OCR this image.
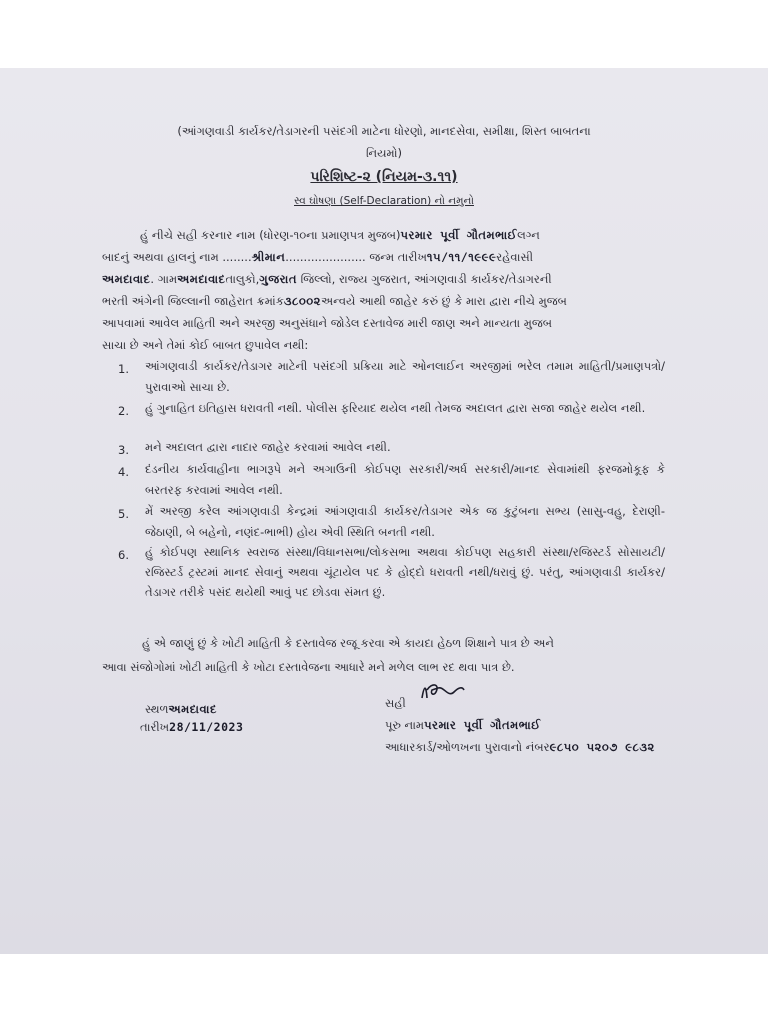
(આંગણવાડી કાર્યકર/તેડાગરની પસંદગી માટેના ધોરણો, માનદસેવા, સમીક્ષા, શિસ્ત બાબતના
નિયમો)
પરિશિષ્ટ-૨ (નિયમ-૩.૧૧)
સ્વ ઘોષણા (Self-Declaration) નો નમુનો
હું નીચે સહી કરનાર નામ (ધોરણ-૧૦ના પ્રમાણપત્ર મુજબ)પરમાર પૂર્વી ગૌતમભાઈલગ્ન
બાદનું અથવા હાલનું નામ ........શ્રીમાન...................... જન્મ તારીખ૧૫/૧૧/૧૯૯૯રહેવાસી
અમદાવાદ. ગામઅમદાવાદતાલુકો,ગુજરાત જિલ્લો, રાજ્ય ગુજરાત, આંગણવાડી કાર્યકર/તેડાગરની
ભરતી અંગેની જિલ્લાની જાહેરાત ક્રમાંક૩૮૦૦૨અન્વયે આથી જાહેર કરું છું કે મારા દ્વારા નીચે મુજબ
આપવામાં આવેલ માહિતી અને અરજી અનુસંધાને જોડેલ દસ્તાવેજ મારી જાણ અને માન્યતા મુજબ
સાચા છે અને તેમાં કોઈ બાબત છુપાવેલ નથી:
1. આંગણવાડી કાર્યકર/તેડાગર માટેની પસંદગી પ્રક્રિયા માટે ઓનલાઈન અરજીમાં ભરેલ તમામ માહિતી/પ્રમાણપત્રો/પુરાવાઓ સાચા છે.
2. હું ગુનાહિત ઇતિહાસ ધરાવતી નથી. પોલીસ ફરિયાદ થયેલ નથી તેમજ અદાલત દ્વારા સજા જાહેર થયેલ નથી.
3. મને અદાલત દ્વારા નાદાર જાહેર કરવામાં આવેલ નથી.
4. દંડનીય કાર્યવાહીના ભાગરૂપે મને અગાઉની કોઈપણ સરકારી/અર્ધ સરકારી/માનદ સેવામાંથી ફરજમોકૂફ કે બરતરફ કરવામાં આવેલ નથી.
5. મેં અરજી કરેલ આંગણવાડી કેન્દ્રમાં આંગણવાડી કાર્યકર/તેડાગર એક જ કુટુંબના સભ્ય (સાસુ-વહુ, દેરાણી-જેઠાણી, બે બહેનો, નણંદ-ભાભી) હોય એવી સ્થિતિ બનતી નથી.
6. હું કોઈપણ સ્થાનિક સ્વરાજ સંસ્થા/વિધાનસભા/લોકસભા અથવા કોઈપણ સહકારી સંસ્થા/રજિસ્ટર્ડ સોસાયટી/રજિસ્ટર્ડ ટ્રસ્ટમાં માનદ સેવાનું અથવા ચૂંટાયેલ પદ કે હોદ્દો ધરાવતી નથી/ધરાવું છું. પરંતુ, આંગણવાડી કાર્યકર/તેડાગર તરીકે પસંદ થયેથી આવું પદ છોડવા સંમત છું.
હું એ જાણું છું કે ખોટી માહિતી કે દસ્તાવેજ રજૂ કરવા એ કાયદા હેઠળ શિક્ષાને પાત્ર છે અને
આવા સંજોગોમાં ખોટી માહિતી કે ખોટા દસ્તાવેજના આધારે મને મળેલ લાભ રદ થવા પાત્ર છે.
સ્થળઅમદાવાદ
તારીખ28/11/2023
સહી
પૂરુ નામપરમાર પૂર્વી ગૌતમભાઈ
આધારકાર્ડ/ઓળખના પુરાવાનો નંબર૯૮૫૦ ૫૨૦૭ ૯૮૩૨
